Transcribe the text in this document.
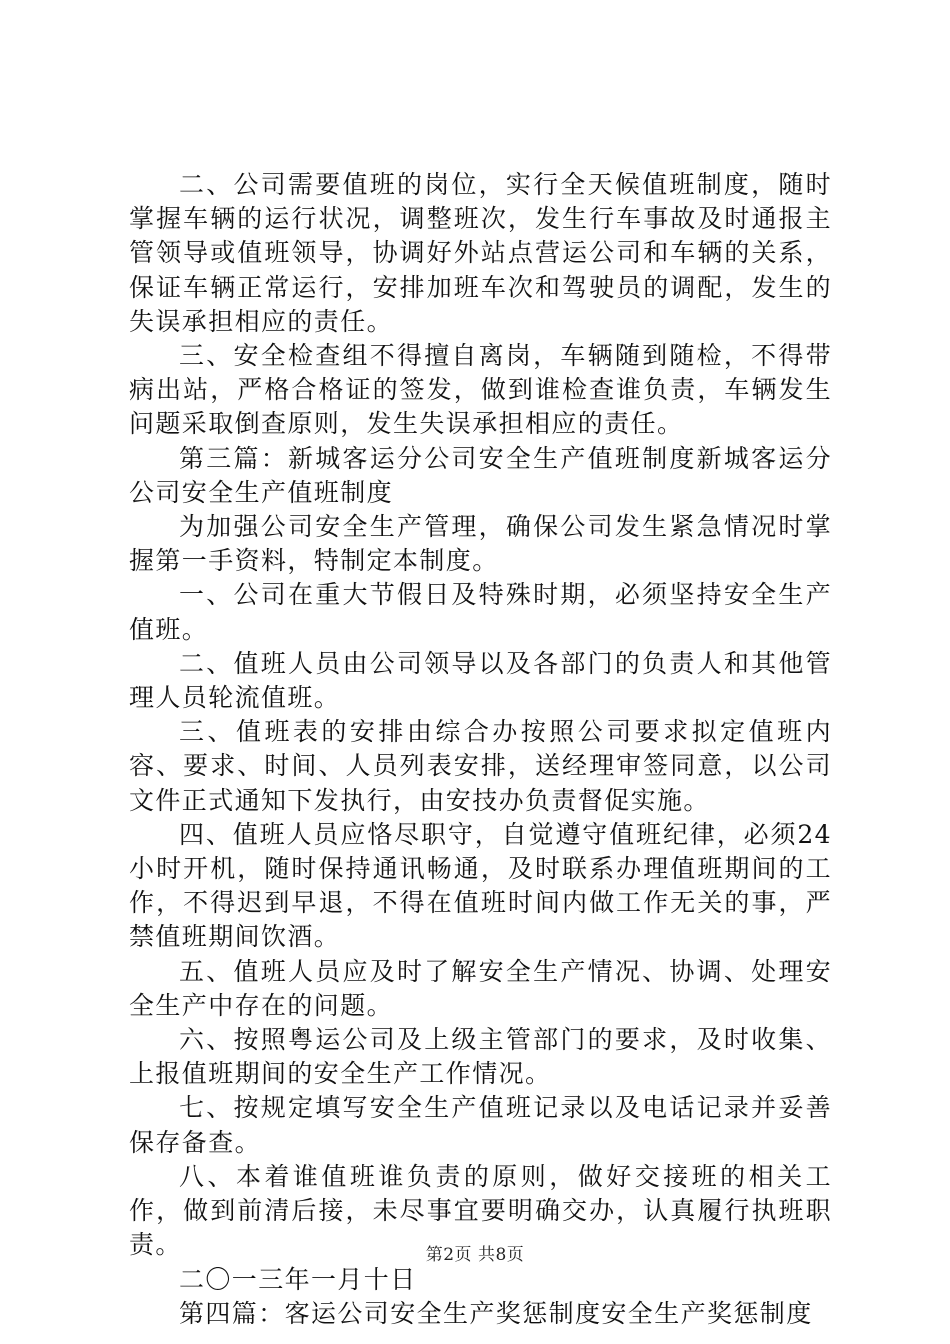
二、公司需要值班的岗位，实行全天候值班制度，随时掌握车辆的运行状况，调整班次，发生行车事故及时通报主管领导或值班领导，协调好外站点营运公司和车辆的关系，保证车辆正常运行，安排加班车次和驾驶员的调配，发生的失误承担相应的责任。

三、安全检查组不得擅自离岗，车辆随到随检，不得带病出站，严格合格证的签发，做到谁检查谁负责，车辆发生问题采取倒查原则，发生失误承担相应的责任。

第三篇：新城客运分公司安全生产值班制度新城客运分公司安全生产值班制度

为加强公司安全生产管理，确保公司发生紧急情况时掌握第一手资料，特制定本制度。

一、公司在重大节假日及特殊时期，必须坚持安全生产值班。

二、值班人员由公司领导以及各部门的负责人和其他管理人员轮流值班。

三、值班表的安排由综合办按照公司要求拟定值班内容、要求、时间、人员列表安排，送经理审签同意，以公司文件正式通知下发执行，由安技办负责督促实施。

四、值班人员应恪尽职守，自觉遵守值班纪律，必须24小时开机，随时保持通讯畅通，及时联系办理值班期间的工作，不得迟到早退，不得在值班时间内做工作无关的事，严禁值班期间饮酒。

五、值班人员应及时了解安全生产情况、协调、处理安全生产中存在的问题。

六、按照粤运公司及上级主管部门的要求，及时收集、上报值班期间的安全生产工作情况。

七、按规定填写安全生产值班记录以及电话记录并妥善保存备查。

八、本着谁值班谁负责的原则，做好交接班的相关工作，做到前清后接，未尽事宜要明确交办，认真履行执班职责。

二〇一三年一月十日

第四篇：客运公司安全生产奖惩制度安全生产奖惩制度

第2页 共8页
